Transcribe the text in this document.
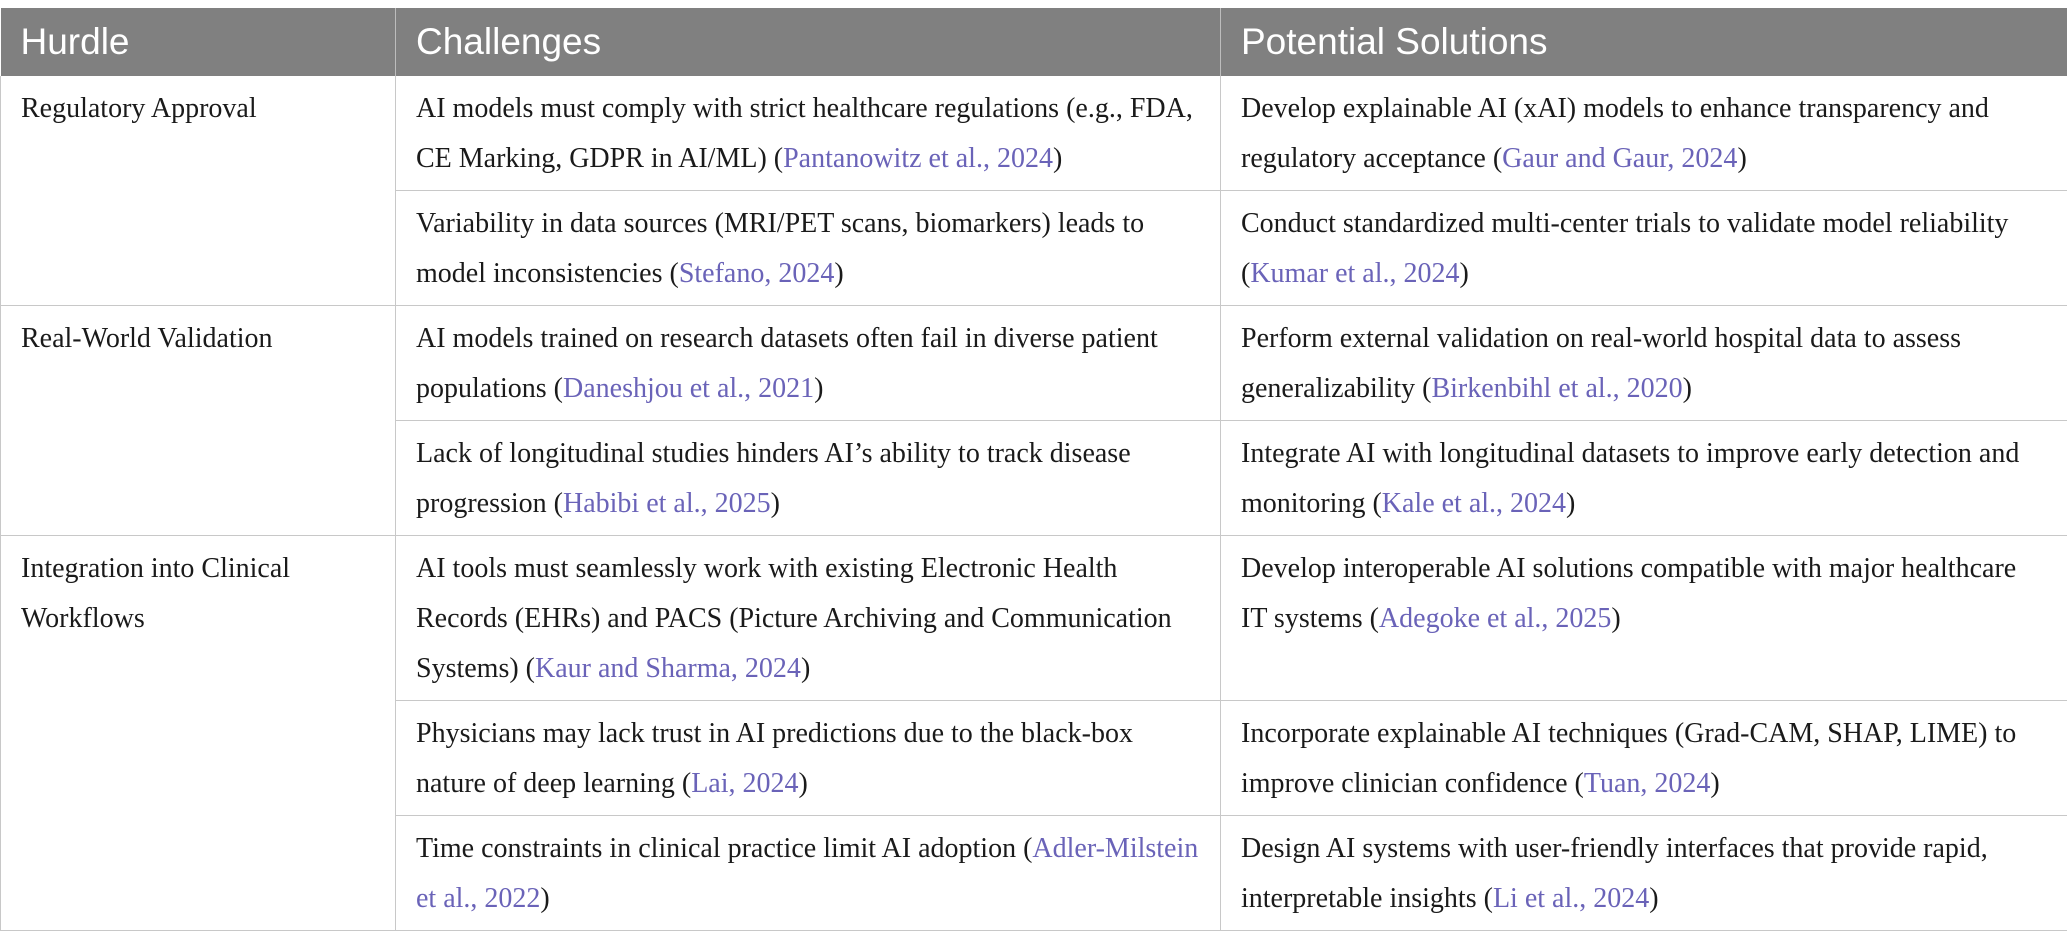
Hurdle	Challenges	Potential Solutions
Regulatory Approval	AI models must comply with strict healthcare regulations (e.g., FDA, CE Marking, GDPR in AI/ML) (Pantanowitz et al., 2024)	Develop explainable AI (xAI) models to enhance transparency and regulatory acceptance (Gaur and Gaur, 2024)
	Variability in data sources (MRI/PET scans, biomarkers) leads to model inconsistencies (Stefano, 2024)	Conduct standardized multi-center trials to validate model reliability (Kumar et al., 2024)
Real-World Validation	AI models trained on research datasets often fail in diverse patient populations (Daneshjou et al., 2021)	Perform external validation on real-world hospital data to assess generalizability (Birkenbihl et al., 2020)
	Lack of longitudinal studies hinders AI’s ability to track disease progression (Habibi et al., 2025)	Integrate AI with longitudinal datasets to improve early detection and monitoring (Kale et al., 2024)
Integration into Clinical Workflows	AI tools must seamlessly work with existing Electronic Health Records (EHRs) and PACS (Picture Archiving and Communication Systems) (Kaur and Sharma, 2024)	Develop interoperable AI solutions compatible with major healthcare IT systems (Adegoke et al., 2025)
	Physicians may lack trust in AI predictions due to the black-box nature of deep learning (Lai, 2024)	Incorporate explainable AI techniques (Grad-CAM, SHAP, LIME) to improve clinician confidence (Tuan, 2024)
	Time constraints in clinical practice limit AI adoption (Adler-Milstein et al., 2022)	Design AI systems with user-friendly interfaces that provide rapid, interpretable insights (Li et al., 2024)
